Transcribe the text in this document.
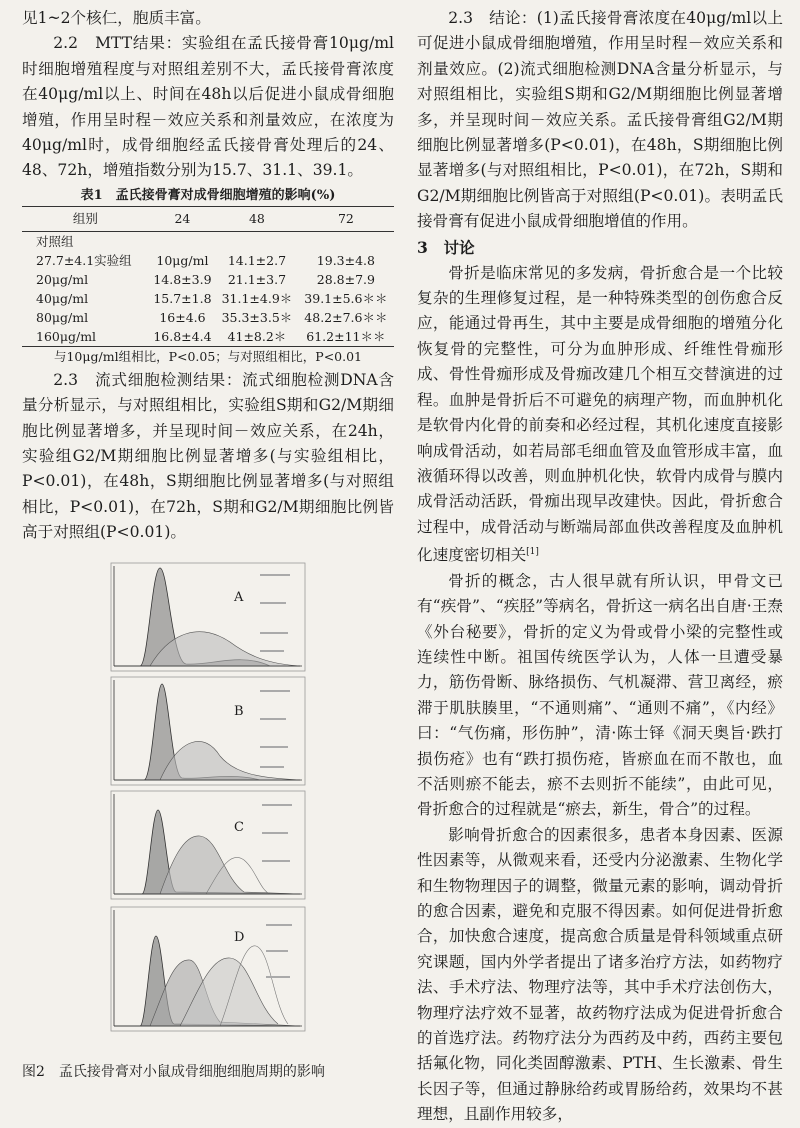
见1~2个核仁，胞质丰富。

2.2　MTT结果：实验组在孟氏接骨膏10μg/ml时细胞增殖程度与对照组差别不大，孟氏接骨膏浓度在40μg/ml以上、时间在48h以后促进小鼠成骨细胞增殖，作用呈时程－效应关系和剂量效应，在浓度为40μg/ml时，成骨细胞经孟氏接骨膏处理后的24、48、72h，增殖指数分别为15.7、31.1、39.1。

表1　孟氏接骨膏对成骨细胞增殖的影响(%)
组别	24	48	72
对照组			
27.7±4.1实验组	10μg/ml	14.1±2.7	19.3±4.8
20μg/ml	14.8±3.9	21.1±3.7	28.8±7.9
40μg/ml	15.7±1.8	31.1±4.9＊	39.1±5.6＊＊
80μg/ml	16±4.6	35.3±3.5＊	48.2±7.6＊＊
160μg/ml	16.8±4.4	41±8.2＊	61.2±11＊＊
与10μg/ml组相比，P<0.05；与对照组相比，P<0.01

2.3　流式细胞检测结果：流式细胞检测DNA含量分析显示，与对照组相比，实验组S期和G2/M期细胞比例显著增多，并呈现时间－效应关系，在24h，实验组G2/M期细胞比例显著增多(与实验组相比，P<0.01)，在48h，S期细胞比例显著增多(与对照组相比，P<0.01)，在72h，S期和G2/M期细胞比例皆高于对照组(P<0.01)。

A
B
C
D
图2　孟氏接骨膏对小鼠成骨细胞细胞周期的影响

2.3　结论：(1)孟氏接骨膏浓度在40μg/ml以上可促进小鼠成骨细胞增殖，作用呈时程－效应关系和剂量效应。(2)流式细胞检测DNA含量分析显示，与对照组相比，实验组S期和G2/M期细胞比例显著增多，并呈现时间－效应关系。孟氏接骨膏组G2/M期细胞比例显著增多(P<0.01)，在48h，S期细胞比例显著增多(与对照组相比，P<0.01)，在72h，S期和G2/M期细胞比例皆高于对照组(P<0.01)。表明孟氏接骨膏有促进小鼠成骨细胞增值的作用。

3　讨论

骨折是临床常见的多发病，骨折愈合是一个比较复杂的生理修复过程，是一种特殊类型的创伤愈合反应，能通过骨再生，其中主要是成骨细胞的增殖分化恢复骨的完整性，可分为血肿形成、纤维性骨痂形成、骨性骨痂形成及骨痂改建几个相互交替演进的过程。血肿是骨折后不可避免的病理产物，而血肿机化是软骨内化骨的前奏和必经过程，其机化速度直接影响成骨活动，如若局部毛细血管及血管形成丰富，血液循环得以改善，则血肿机化快，软骨内成骨与膜内成骨活动活跃，骨痂出现早改建快。因此，骨折愈合过程中，成骨活动与断端局部血供改善程度及血肿机化速度密切相关[1]

骨折的概念，古人很早就有所认识，甲骨文已有“疾骨”、“疾胫”等病名，骨折这一病名出自唐·王焘《外台秘要》，骨折的定义为骨或骨小梁的完整性或连续性中断。祖国传统医学认为，人体一旦遭受暴力，筋伤骨断、脉络损伤、气机凝滞、营卫离经，瘀滞于肌肤腠里，“不通则痛”、“通则不痛”，《内经》曰：“气伤痛，形伤肿”，清·陈士铎《洞天奥旨·跌打损伤疮》也有“跌打损伤疮，皆瘀血在而不散也，血不活则瘀不能去，瘀不去则折不能续”，由此可见，骨折愈合的过程就是“瘀去，新生，骨合”的过程。

影响骨折愈合的因素很多，患者本身因素、医源性因素等，从微观来看，还受内分泌激素、生物化学和生物物理因子的调整，微量元素的影响，调动骨折的愈合因素，避免和克服不得因素。如何促进骨折愈合，加快愈合速度，提高愈合质量是骨科领域重点研究课题，国内外学者提出了诸多治疗方法，如药物疗法、手术疗法、物理疗法等，其中手术疗法创伤大，物理疗法疗效不显著，故药物疗法成为促进骨折愈合的首选疗法。药物疗法分为西药及中药，西药主要包括氟化物，同化类固醇激素、PTH、生长激素、骨生长因子等，但通过静脉给药或胃肠给药，效果均不甚理想，且副作用较多，
